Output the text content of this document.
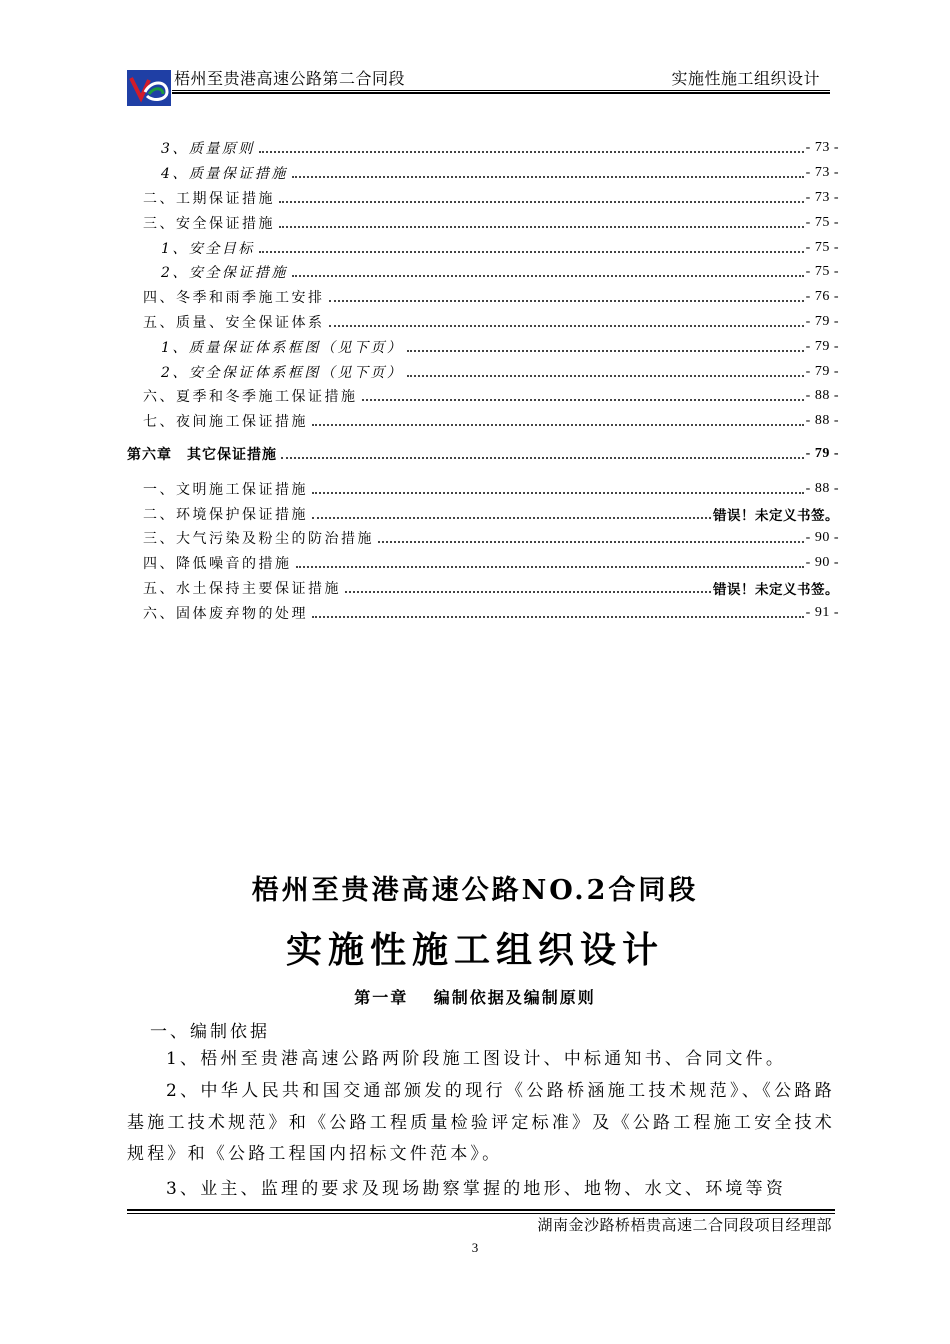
梧州至贵港高速公路第二合同段	实施性施工组织设计
3、质量原则	- 73 -
4、质量保证措施	- 73 -
二、工期保证措施	- 73 -
三、安全保证措施	- 75 -
1、安全目标	- 75 -
2、安全保证措施	- 75 -
四、冬季和雨季施工安排	- 76 -
五、质量、安全保证体系	- 79 -
1、质量保证体系框图（见下页）	- 79 -
2、安全保证体系框图（见下页）	- 79 -
六、夏季和冬季施工保证措施	- 88 -
七、夜间施工保证措施	- 88 -
第六章　其它保证措施	- 79 -
一、文明施工保证措施	- 88 -
二、环境保护保证措施	错误！未定义书签。
三、大气污染及粉尘的防治措施	- 90 -
四、降低噪音的措施	- 90 -
五、水土保持主要保证措施	错误！未定义书签。
六、固体废弃物的处理	- 91 -
梧州至贵港高速公路NO.2合同段
实施性施工组织设计
第一章　 编制依据及编制原则
一、编制依据
1、梧州至贵港高速公路两阶段施工图设计、中标通知书、合同文件。
2、中华人民共和国交通部颁发的现行《公路桥涵施工技术规范》、《公路路基施工技术规范》和《公路工程质量检验评定标准》及《公路工程施工安全技术规程》和《公路工程国内招标文件范本》。
3、业主、监理的要求及现场勘察掌握的地形、地物、水文、环境等资
湖南金沙路桥梧贵高速二合同段项目经理部
3
